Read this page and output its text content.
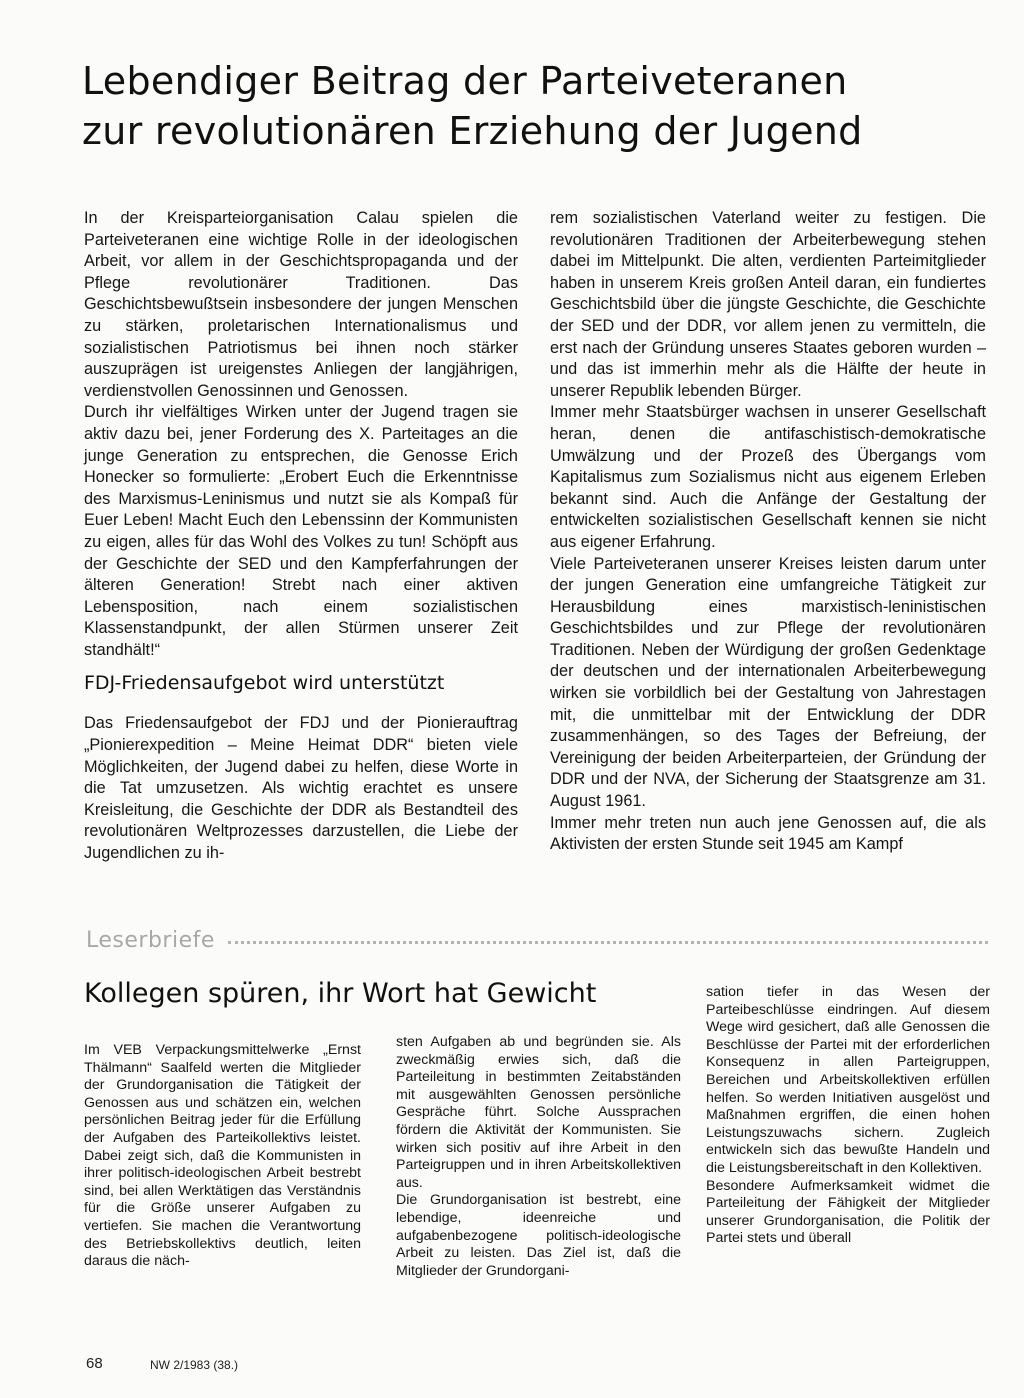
Lebendiger Beitrag der Parteiveteranen
zur revolutionären Erziehung der Jugend

In der Kreisparteiorganisation Calau spielen die Parteiveteranen eine wichtige Rolle in der ideologischen Arbeit, vor allem in der Geschichtspropaganda und der Pflege revolutionärer Traditionen. Das Geschichtsbewußtsein insbesondere der jungen Menschen zu stärken, proletarischen Internationalismus und sozialistischen Patriotismus bei ihnen noch stärker auszuprägen ist ureigenstes Anliegen der langjährigen, verdienstvollen Genossinnen und Genossen.

Durch ihr vielfältiges Wirken unter der Jugend tragen sie aktiv dazu bei, jener Forderung des X. Parteitages an die junge Generation zu entsprechen, die Genosse Erich Honecker so formulierte: „Erobert Euch die Erkenntnisse des Marxismus-Leninismus und nutzt sie als Kompaß für Euer Leben! Macht Euch den Lebenssinn der Kommunisten zu eigen, alles für das Wohl des Volkes zu tun! Schöpft aus der Geschichte der SED und den Kampferfahrungen der älteren Generation! Strebt nach einer aktiven Lebensposition, nach einem sozialistischen Klassenstandpunkt, der allen Stürmen unserer Zeit standhält!“

FDJ-Friedensaufgebot wird unterstützt

Das Friedensaufgebot der FDJ und der Pionierauftrag „Pionierexpedition – Meine Heimat DDR“ bieten viele Möglichkeiten, der Jugend dabei zu helfen, diese Worte in die Tat umzusetzen. Als wichtig erachtet es unsere Kreisleitung, die Geschichte der DDR als Bestandteil des revolutionären Weltprozesses darzustellen, die Liebe der Jugendlichen zu ih-

rem sozialistischen Vaterland weiter zu festigen. Die revolutionären Traditionen der Arbeiterbewegung stehen dabei im Mittelpunkt. Die alten, verdienten Parteimitglieder haben in unserem Kreis großen Anteil daran, ein fundiertes Geschichtsbild über die jüngste Geschichte, die Geschichte der SED und der DDR, vor allem jenen zu vermitteln, die erst nach der Gründung unseres Staates geboren wurden – und das ist immerhin mehr als die Hälfte der heute in unserer Republik lebenden Bürger.

Immer mehr Staatsbürger wachsen in unserer Gesellschaft heran, denen die antifaschistisch-demokratische Umwälzung und der Prozeß des Übergangs vom Kapitalismus zum Sozialismus nicht aus eigenem Erleben bekannt sind. Auch die Anfänge der Gestaltung der entwickelten sozialistischen Gesellschaft kennen sie nicht aus eigener Erfahrung.

Viele Parteiveteranen unserer Kreises leisten darum unter der jungen Generation eine umfangreiche Tätigkeit zur Herausbildung eines marxistisch-leninistischen Geschichtsbildes und zur Pflege der revolutionären Traditionen. Neben der Würdigung der großen Gedenktage der deutschen und der internationalen Arbeiterbewegung wirken sie vorbildlich bei der Gestaltung von Jahrestagen mit, die unmittelbar mit der Entwicklung der DDR zusammenhängen, so des Tages der Befreiung, der Vereinigung der beiden Arbeiterparteien, der Gründung der DDR und der NVA, der Sicherung der Staatsgrenze am 31. August 1961.

Immer mehr treten nun auch jene Genossen auf, die als Aktivisten der ersten Stunde seit 1945 am Kampf

Leserbriefe
Kollegen spüren, ihr Wort hat Gewicht

Im VEB Verpackungsmittelwerke „Ernst Thälmann“ Saalfeld werten die Mitglieder der Grundorganisation die Tätigkeit der Genossen aus und schätzen ein, welchen persönlichen Beitrag jeder für die Erfüllung der Aufgaben des Parteikollektivs leistet. Dabei zeigt sich, daß die Kommunisten in ihrer politisch-ideologischen Arbeit bestrebt sind, bei allen Werktätigen das Verständnis für die Größe unserer Aufgaben zu vertiefen. Sie machen die Verantwortung des Betriebskollektivs deutlich, leiten daraus die näch-

sten Aufgaben ab und begründen sie. Als zweckmäßig erwies sich, daß die Parteileitung in bestimmten Zeitabständen mit ausgewählten Genossen persönliche Gespräche führt. Solche Aussprachen fördern die Aktivität der Kommunisten. Sie wirken sich positiv auf ihre Arbeit in den Parteigruppen und in ihren Arbeitskollektiven aus.

Die Grundorganisation ist bestrebt, eine lebendige, ideenreiche und aufgabenbezogene politisch-ideologische Arbeit zu leisten. Das Ziel ist, daß die Mitglieder der Grundorgani-

sation tiefer in das Wesen der Parteibeschlüsse eindringen. Auf diesem Wege wird gesichert, daß alle Genossen die Beschlüsse der Partei mit der erforderlichen Konsequenz in allen Parteigruppen, Bereichen und Arbeitskollektiven erfüllen helfen. So werden Initiativen ausgelöst und Maßnahmen ergriffen, die einen hohen Leistungszuwachs sichern. Zugleich entwickeln sich das bewußte Handeln und die Leistungsbereitschaft in den Kollektiven.

Besondere Aufmerksamkeit widmet die Parteileitung der Fähigkeit der Mitglieder unserer Grundorganisation, die Politik der Partei stets und überall

68	NW 2/1983 (38.)
